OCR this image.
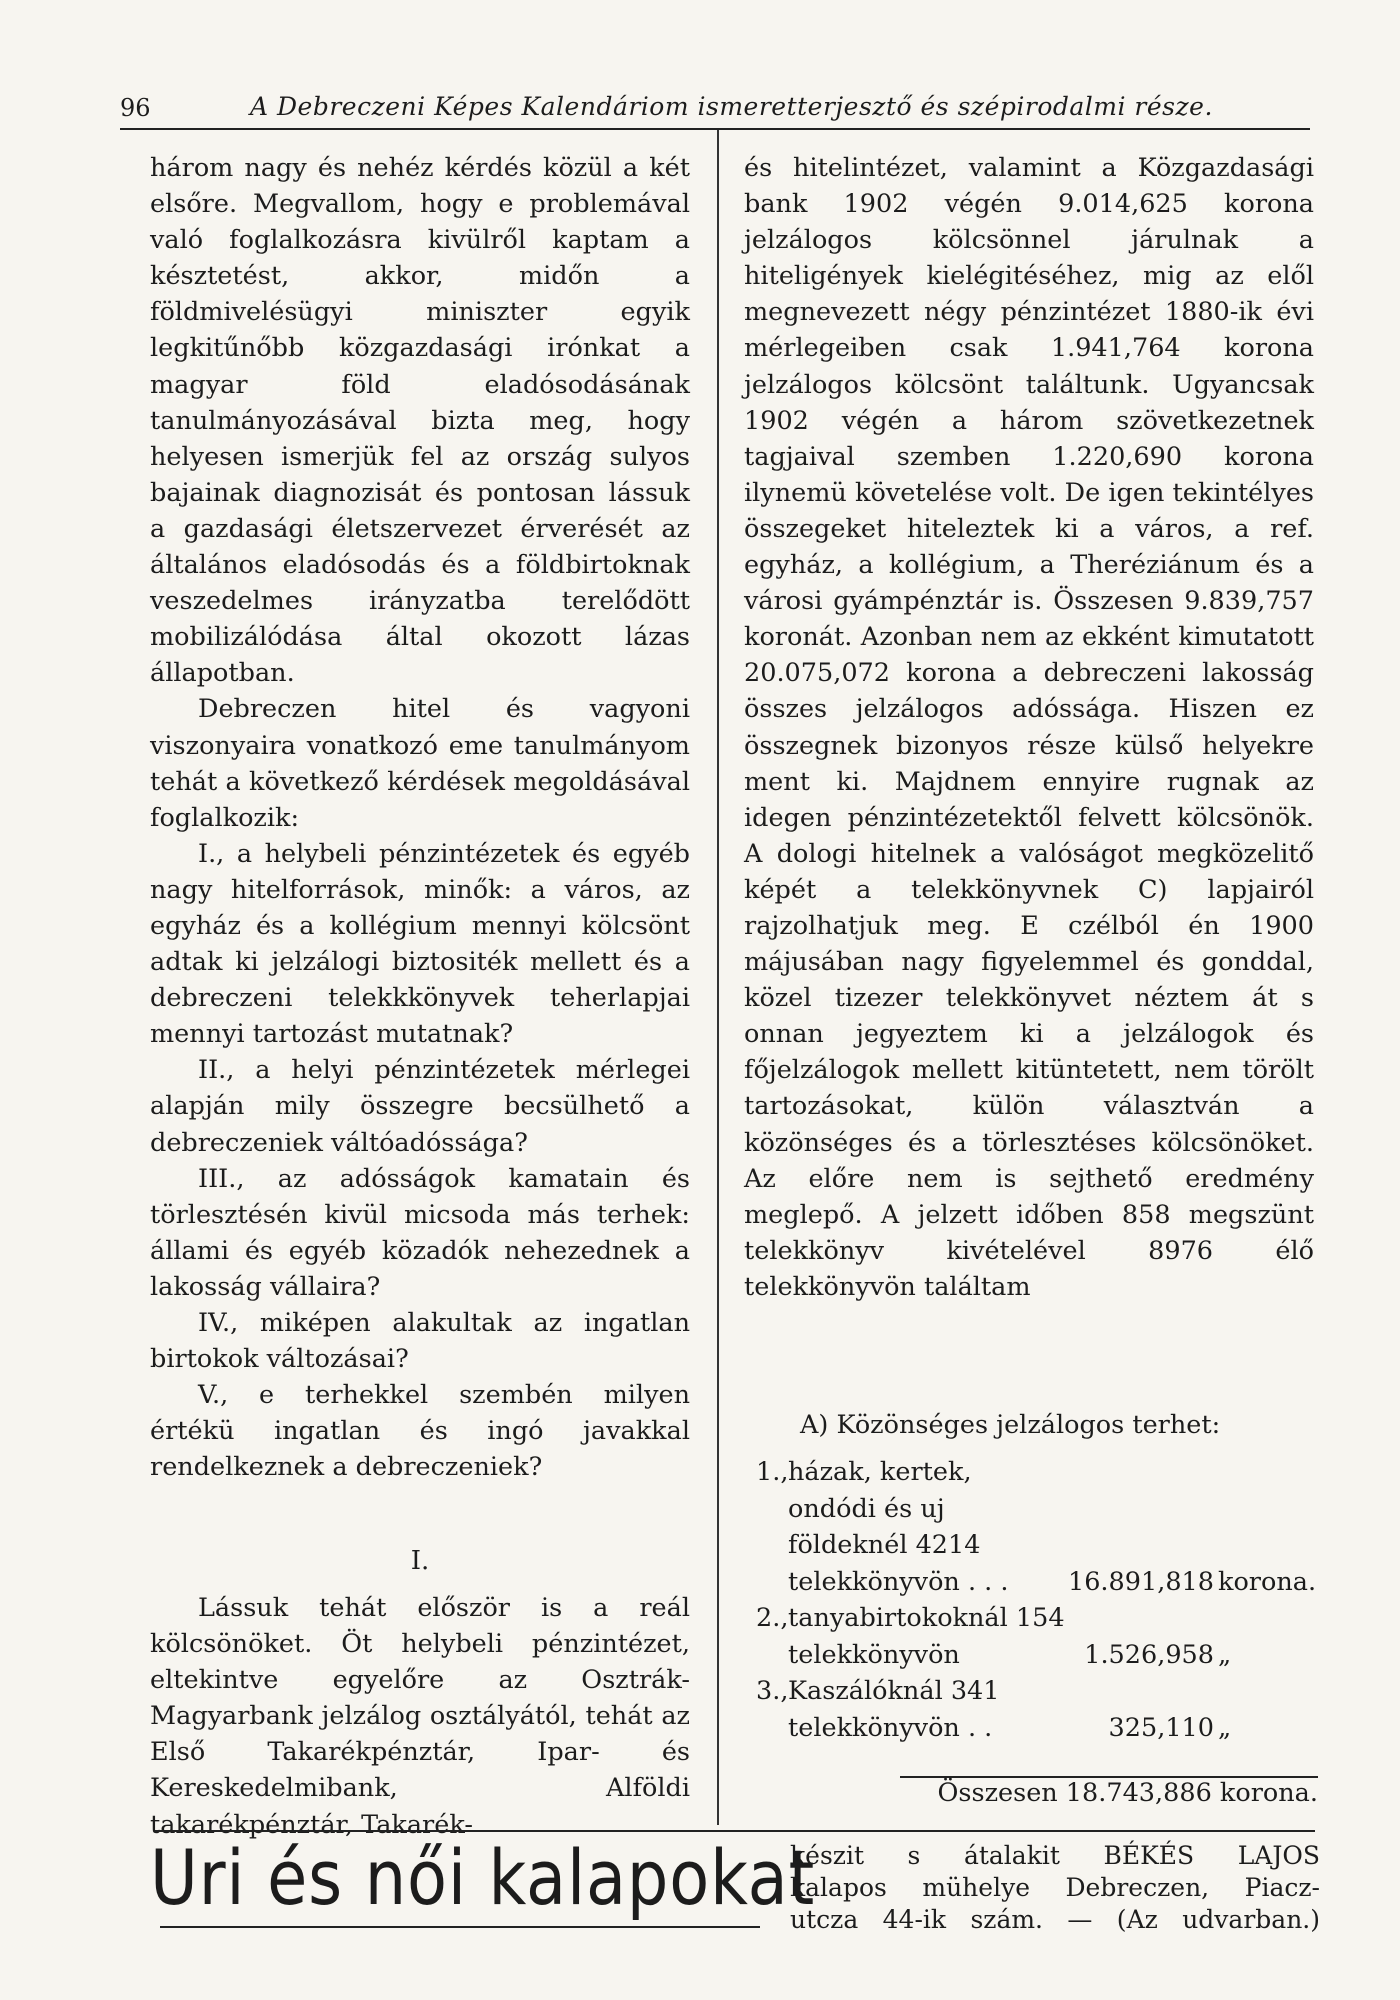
96	A Debreczeni Képes Kalendáriom ismeretterjesztő és szépirodalmi része.

három nagy és nehéz kérdés közül a két elsőre. Megvallom, hogy e problemával való foglalkozásra kivülről kaptam a késztetést, akkor, midőn a földmivelésügyi miniszter egyik legkitűnőbb közgazdasági irónkat a magyar föld eladósodásának tanulmányozásával bizta meg, hogy helyesen ismerjük fel az ország sulyos bajainak diagnozisát és pontosan lássuk a gazdasági életszervezet érverését az általános eladósodás és a földbirtoknak veszedelmes irányzatba terelődött mobilizálódása által okozott lázas állapotban.

Debreczen hitel és vagyoni viszonyaira vonatkozó eme tanulmányom tehát a következő kérdések megoldásával foglalkozik:

I., a helybeli pénzintézetek és egyéb nagy hitelforrások, minők: a város, az egyház és a kollégium mennyi kölcsönt adtak ki jelzálogi biztositék mellett és a debreczeni telekkkönyvek teherlapjai mennyi tartozást mutatnak?

II., a helyi pénzintézetek mérlegei alapján mily összegre becsülhető a debreczeniek váltóadóssága?

III., az adósságok kamatain és törlesztésén kivül micsoda más terhek: állami és egyéb közadók nehezednek a lakosság vállaira?

IV., miképen alakultak az ingatlan birtokok változásai?

V., e terhekkel szembén milyen értékü ingatlan és ingó javakkal rendelkeznek a debreczeniek?

I.

Lássuk tehát először is a reál kölcsönöket. Öt helybeli pénzintézet, eltekintve egyelőre az Osztrák-Magyarbank jelzálog osztályától, tehát az Első Takarékpénztár, Ipar- és Kereskedelmibank, Alföldi takarékpénztár, Takarék-

és hitelintézet, valamint a Közgazdasági bank 1902 végén 9.014,625 korona jelzálogos kölcsönnel járulnak a hiteligények kielégitéséhez, mig az elől megnevezett négy pénzintézet 1880-ik évi mérlegeiben csak 1.941,764 korona jelzálogos kölcsönt találtunk. Ugyancsak 1902 végén a három szövetkezetnek tagjaival szemben 1.220,690 korona ilynemü követelése volt. De igen tekintélyes összegeket hiteleztek ki a város, a ref. egyház, a kollégium, a Theréziánum és a városi gyámpénztár is. Összesen 9.839,757 koronát. Azonban nem az ekként kimutatott 20.075,072 korona a debreczeni lakosság összes jelzálogos adóssága. Hiszen ez összegnek bizonyos része külső helyekre ment ki. Majdnem ennyire rugnak az idegen pénzintézetektől felvett kölcsönök. A dologi hitelnek a valóságot megközelitő képét a telekkönyvnek C) lapjairól rajzolhatjuk meg. E czélból én 1900 májusában nagy figyelemmel és gonddal, közel tizezer telekkönyvet néztem át s onnan jegyeztem ki a jelzálogok és főjelzálogok mellett kitüntetett, nem törölt tartozásokat, külön választván a közönséges és a törlesztéses kölcsönöket. Az előre nem is sejthető eredmény meglepő. A jelzett időben 858 megszünt telekkönyv kivételével 8976 élő telekkönyvön találtam

A) Közönséges jelzálogos terhet:
1., házak, kertek, ondódi és uj földeknél 4214 telekkönyvön . . .	16.891,818 korona.
2., tanyabirtokoknál 154 telekkönyvön	1.526,958 „
3., Kaszálóknál 341 telekkönyvön . .	325,110 „
Összesen 18.743,886 korona.
Uri és női kalapokat
készit s átalakit BÉKÉS LAJOS
kalapos mühelye Debreczen, Piacz-
utcza 44-ik szám. — (Az udvarban.)
